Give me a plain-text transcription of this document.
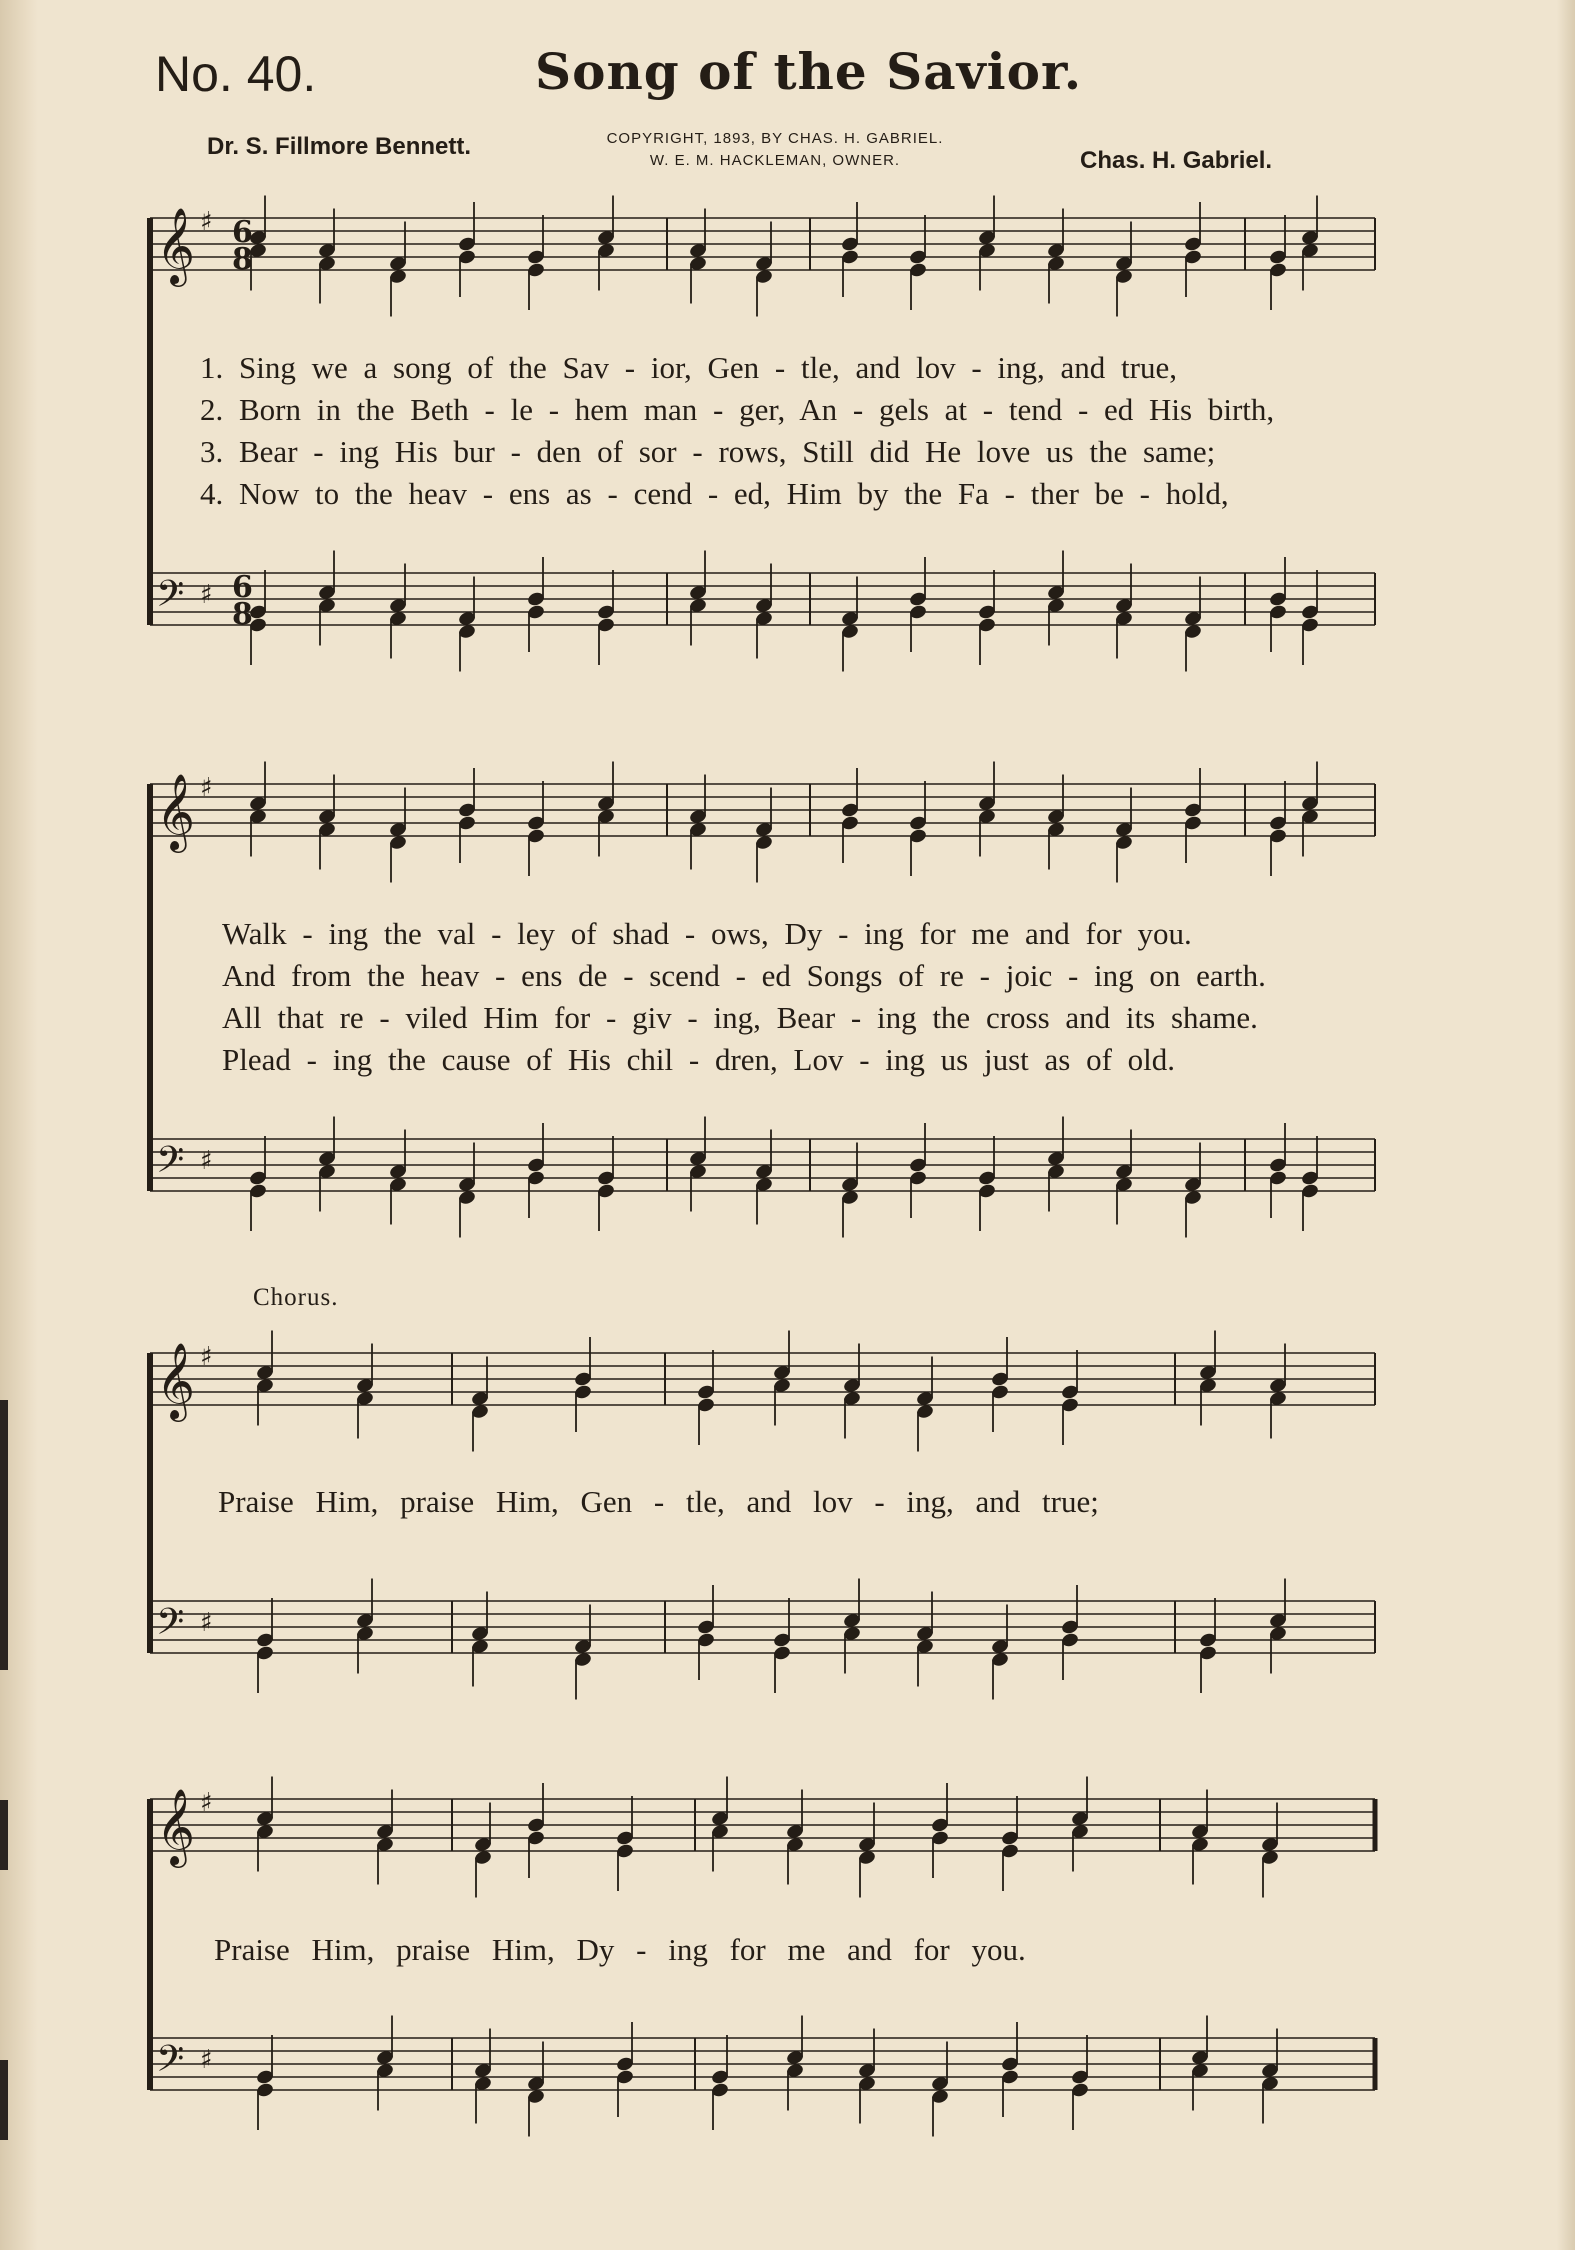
No. 40.	Song of the Savior.
Dr. S. Fillmore Bennett.	COPYRIGHT, 1893, BY CHAS. H. GABRIEL.
W. E. M. HACKLEMAN, OWNER.	Chas. H. Gabriel.
𝄞 ♯
𝄢 ♯
𝄞 ♯
𝄢 ♯
𝄞 ♯
𝄢 ♯
𝄞 ♯
𝄢 ♯
6
8
6
8
Chorus.
1. Sing we a song of the Sav - ior, Gen - tle, and lov - ing, and true,
2. Born in the Beth - le - hem man - ger, An - gels at - tend - ed His birth,
3. Bear - ing His bur - den of sor - rows, Still did He love us the same;
4. Now to the heav - ens as - cend - ed, Him by the Fa - ther be - hold,
Walk - ing the val - ley of shad - ows, Dy - ing for me and for you.
And from the heav - ens de - scend - ed Songs of re - joic - ing on earth.
All that re - viled Him for - giv - ing, Bear - ing the cross and its shame.
Plead - ing the cause of His chil - dren, Lov - ing us just as of old.
Praise Him, praise Him, Gen - tle, and lov - ing, and true;
Praise Him, praise Him, Dy - ing for me and for you.
